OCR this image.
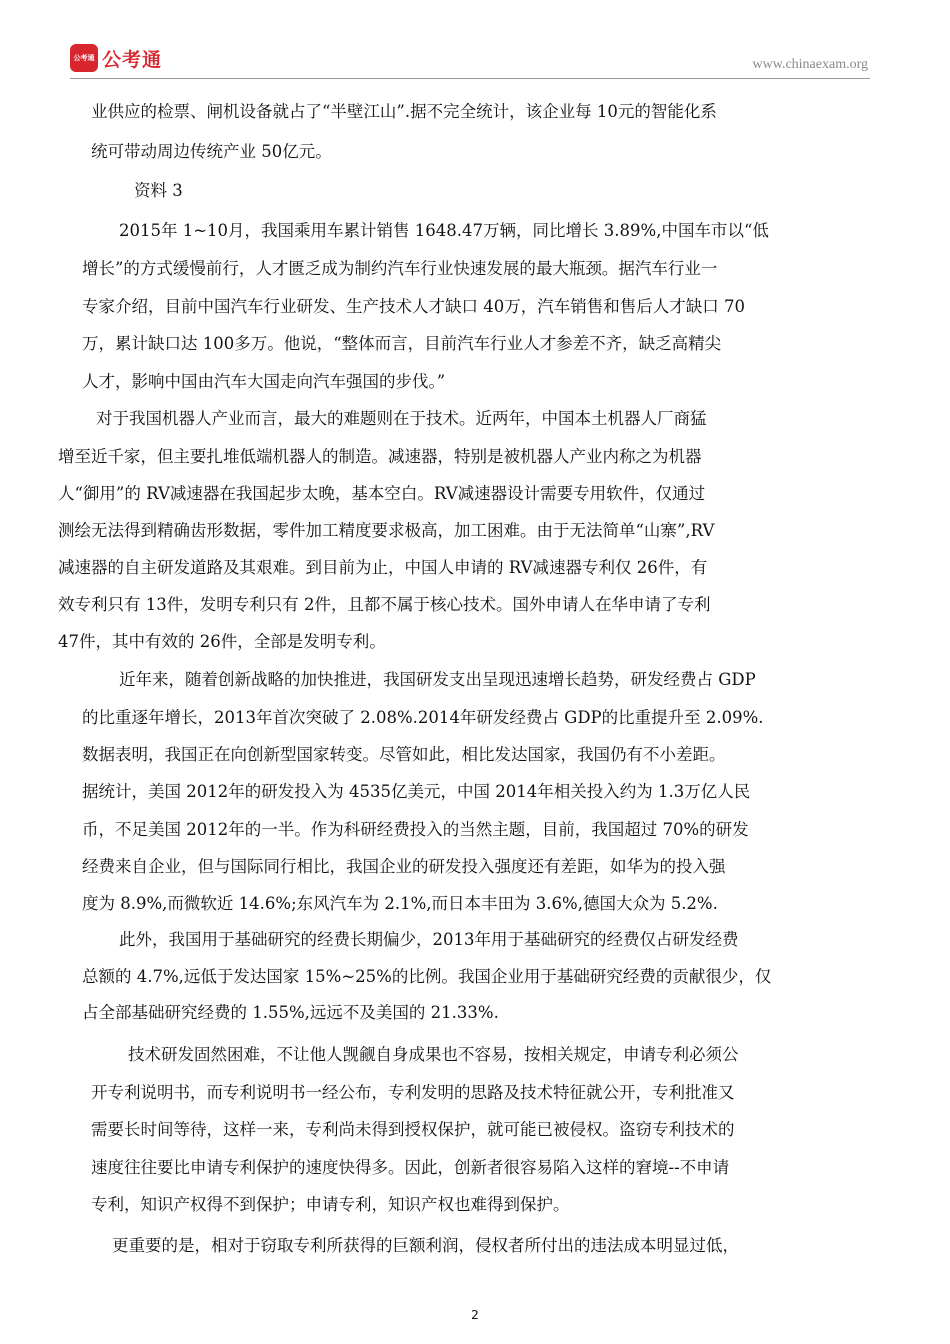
公考通 公考通	www.chinaexam.org
业供应的检票、闸机设备就占了“半壁江山”.据不完全统计，该企业每 10元的智能化系
统可带动周边传统产业 50亿元。
资料 3
2015年 1~10月，我国乘用车累计销售 1648.47万辆，同比增长 3.89%,中国车市以“低
增长”的方式缓慢前行，人才匮乏成为制约汽车行业快速发展的最大瓶颈。据汽车行业一
专家介绍，目前中国汽车行业研发、生产技术人才缺口 40万，汽车销售和售后人才缺口 70
万，累计缺口达 100多万。他说，“整体而言，目前汽车行业人才参差不齐，缺乏高精尖
人才，影响中国由汽车大国走向汽车强国的步伐。”
对于我国机器人产业而言，最大的难题则在于技术。近两年，中国本土机器人厂商猛
增至近千家，但主要扎堆低端机器人的制造。减速器，特别是被机器人产业内称之为机器
人“御用”的 RV减速器在我国起步太晚，基本空白。RV减速器设计需要专用软件，仅通过
测绘无法得到精确齿形数据，零件加工精度要求极高，加工困难。由于无法简单“山寨”,RV
减速器的自主研发道路及其艰难。到目前为止，中国人申请的 RV减速器专利仅 26件，有
效专利只有 13件，发明专利只有 2件，且都不属于核心技术。国外申请人在华申请了专利
47件，其中有效的 26件，全部是发明专利。
近年来，随着创新战略的加快推进，我国研发支出呈现迅速增长趋势，研发经费占 GDP
的比重逐年增长，2013年首次突破了 2.08%.2014年研发经费占 GDP的比重提升至 2.09%.
数据表明，我国正在向创新型国家转变。尽管如此，相比发达国家，我国仍有不小差距。
据统计，美国 2012年的研发投入为 4535亿美元，中国 2014年相关投入约为 1.3万亿人民
币，不足美国 2012年的一半。作为科研经费投入的当然主题，目前，我国超过 70%的研发
经费来自企业，但与国际同行相比，我国企业的研发投入强度还有差距，如华为的投入强
度为 8.9%,而微软近 14.6%;东风汽车为 2.1%,而日本丰田为 3.6%,德国大众为 5.2%.
此外，我国用于基础研究的经费长期偏少，2013年用于基础研究的经费仅占研发经费
总额的 4.7%,远低于发达国家 15%~25%的比例。我国企业用于基础研究经费的贡献很少，仅
占全部基础研究经费的 1.55%,远远不及美国的 21.33%.
技术研发固然困难，不让他人觊觎自身成果也不容易，按相关规定，申请专利必须公
开专利说明书，而专利说明书一经公布，专利发明的思路及技术特征就公开，专利批准又
需要长时间等待，这样一来，专利尚未得到授权保护，就可能已被侵权。盗窃专利技术的
速度往往要比申请专利保护的速度快得多。因此，创新者很容易陷入这样的窘境--不申请
专利，知识产权得不到保护；申请专利，知识产权也难得到保护。
更重要的是，相对于窃取专利所获得的巨额利润，侵权者所付出的违法成本明显过低，
2
